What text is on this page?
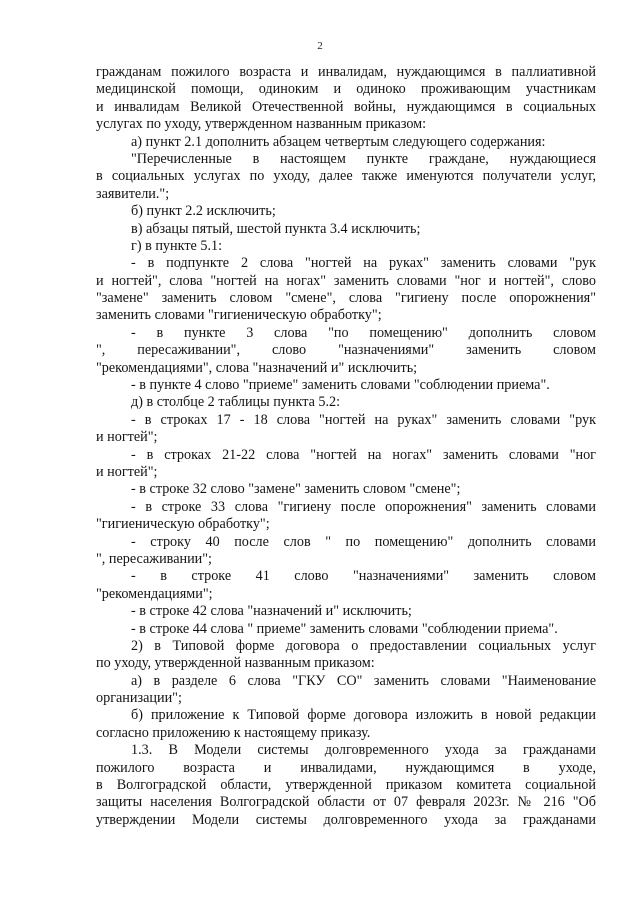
2
гражданам пожилого возраста и инвалидам, нуждающимся в паллиативной
медицинской помощи, одиноким и одиноко проживающим участникам
и инвалидам Великой Отечественной войны, нуждающимся в социальных
услугах по уходу, утвержденном названным приказом:
а) пункт 2.1 дополнить абзацем четвертым следующего содержания:
"Перечисленные в настоящем пункте граждане, нуждающиеся
в социальных услугах по уходу, далее также именуются получатели услуг,
заявители.";
б) пункт 2.2 исключить;
в) абзацы пятый, шестой пункта 3.4 исключить;
г) в пункте 5.1:
- в подпункте 2 слова "ногтей на руках" заменить словами "рук
и ногтей", слова "ногтей на ногах" заменить словами "ног и ногтей", слово
"замене" заменить словом "смене", слова "гигиену после опорожнения"
заменить словами "гигиеническую обработку";
- в пункте 3 слова "по помещению" дополнить словом
", пересаживании", слово "назначениями" заменить словом
"рекомендациями", слова "назначений и" исключить;
- в пункте 4 слово "приеме" заменить словами "соблюдении приема".
д) в столбце 2 таблицы пункта 5.2:
- в строках 17 - 18 слова "ногтей на руках" заменить словами "рук
и ногтей";
- в строках 21-22 слова "ногтей на ногах" заменить словами "ног
и ногтей";
- в строке 32 слово "замене" заменить словом "смене";
- в строке 33 слова "гигиену после опорожнения" заменить словами
"гигиеническую обработку";
- строку 40 после слов " по помещению" дополнить словами
", пересаживании";
- в строке 41 слово "назначениями" заменить словом
"рекомендациями";
- в строке 42 слова "назначений и" исключить;
- в строке 44 слова " приеме" заменить словами "соблюдении приема".
2) в Типовой форме договора о предоставлении социальных услуг
по уходу, утвержденной названным приказом:
а) в разделе 6 слова "ГКУ СО" заменить словами "Наименование
организации";
б) приложение к Типовой форме договора изложить в новой редакции
согласно приложению к настоящему приказу.
1.3. В Модели системы долговременного ухода за гражданами
пожилого возраста и инвалидами, нуждающимся в уходе,
в Волгоградской области, утвержденной приказом комитета социальной
защиты населения Волгоградской области от 07 февраля 2023г. № 216 "Об
утверждении Модели системы долговременного ухода за гражданами
